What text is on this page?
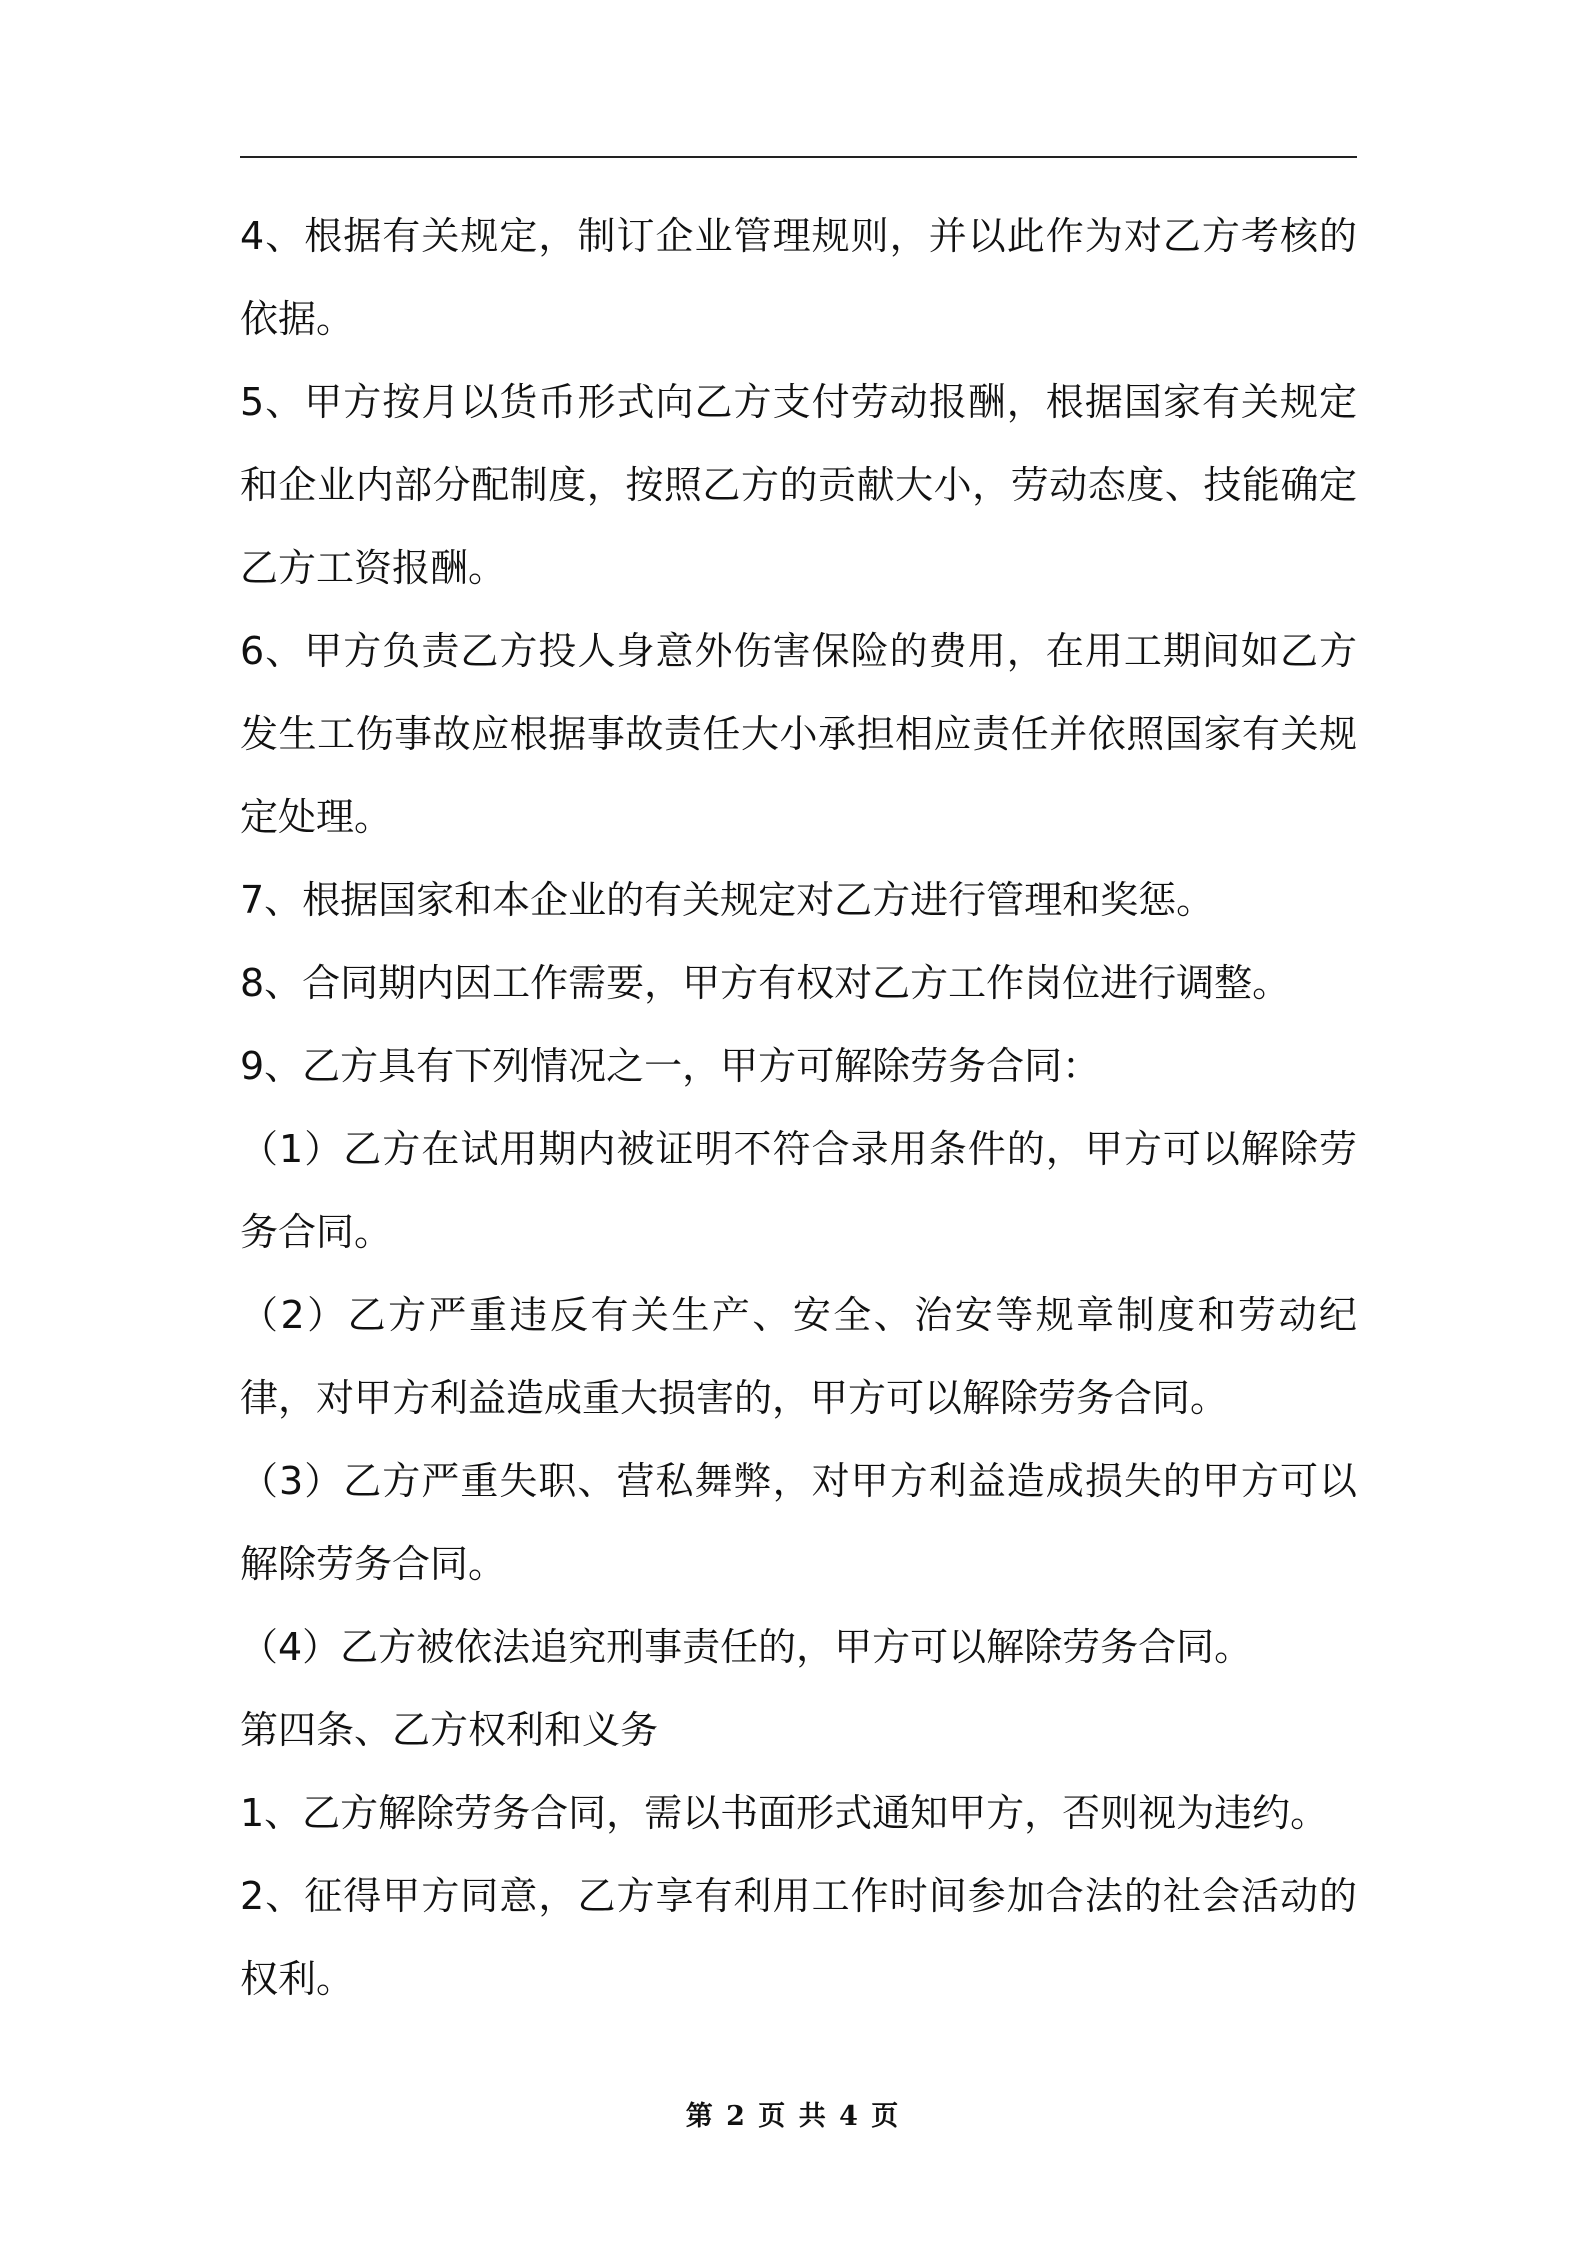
4、根据有关规定，制订企业管理规则，并以此作为对乙方考核的依据。

5、甲方按月以货币形式向乙方支付劳动报酬，根据国家有关规定和企业内部分配制度，按照乙方的贡献大小，劳动态度、技能确定乙方工资报酬。

6、甲方负责乙方投人身意外伤害保险的费用，在用工期间如乙方发生工伤事故应根据事故责任大小承担相应责任并依照国家有关规定处理。

7、根据国家和本企业的有关规定对乙方进行管理和奖惩。

8、合同期内因工作需要，甲方有权对乙方工作岗位进行调整。

9、乙方具有下列情况之一，甲方可解除劳务合同：

（1）乙方在试用期内被证明不符合录用条件的，甲方可以解除劳务合同。

（2）乙方严重违反有关生产、安全、治安等规章制度和劳动纪律，对甲方利益造成重大损害的，甲方可以解除劳务合同。

（3）乙方严重失职、营私舞弊，对甲方利益造成损失的甲方可以解除劳务合同。

（4）乙方被依法追究刑事责任的，甲方可以解除劳务合同。

第四条、乙方权利和义务

1、乙方解除劳务合同，需以书面形式通知甲方，否则视为违约。

2、征得甲方同意，乙方享有利用工作时间参加合法的社会活动的权利。

第 2 页 共 4 页
